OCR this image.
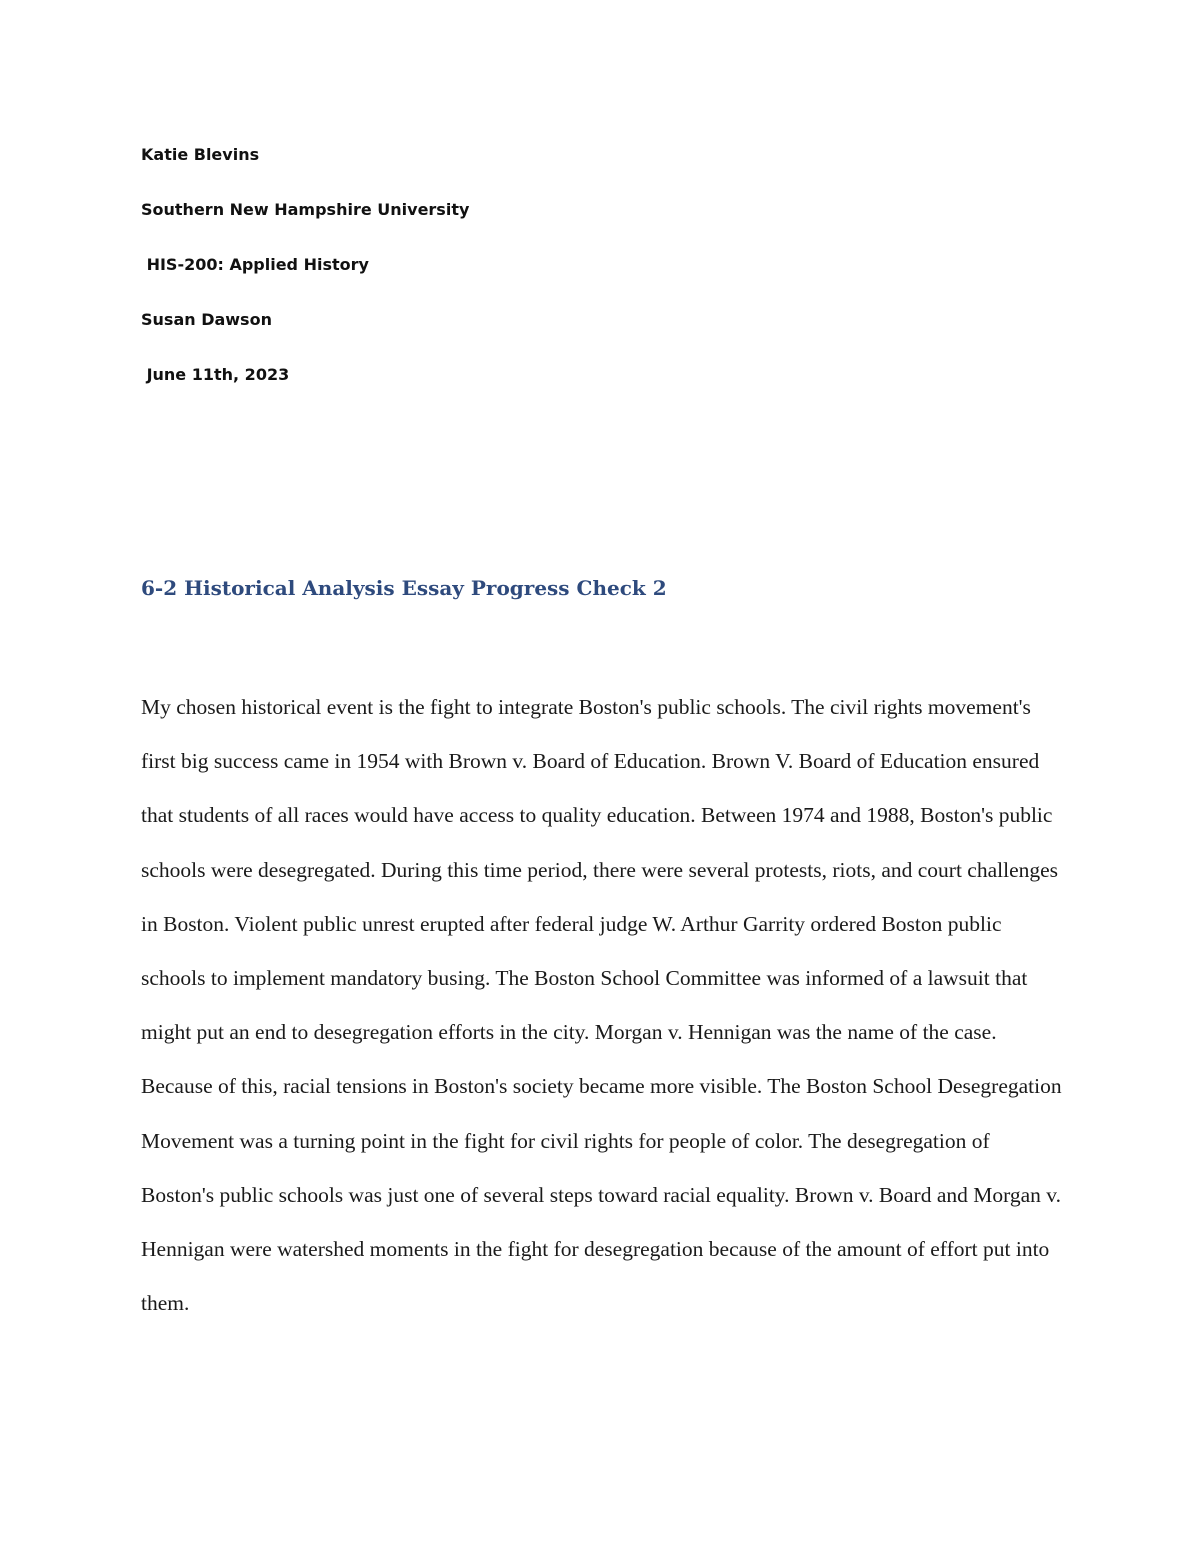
Katie Blevins
Southern New Hampshire University
HIS-200: Applied History
Susan Dawson
June 11th, 2023
6-2 Historical Analysis Essay Progress Check 2

My chosen historical event is the fight to integrate Boston's public schools. The civil rights movement's first big success came in 1954 with Brown v. Board of Education. Brown V. Board of Education ensured that students of all races would have access to quality education. Between 1974 and 1988, Boston's public schools were desegregated. During this time period, there were several protests, riots, and court challenges in Boston. Violent public unrest erupted after federal judge W. Arthur Garrity ordered Boston public schools to implement mandatory busing. The Boston School Committee was informed of a lawsuit that might put an end to desegregation efforts in the city. Morgan v. Hennigan was the name of the case. Because of this, racial tensions in Boston's society became more visible. The Boston School Desegregation Movement was a turning point in the fight for civil rights for people of color. The desegregation of Boston's public schools was just one of several steps toward racial equality. Brown v. Board and Morgan v. Hennigan were watershed moments in the fight for desegregation because of the amount of effort put into them.
